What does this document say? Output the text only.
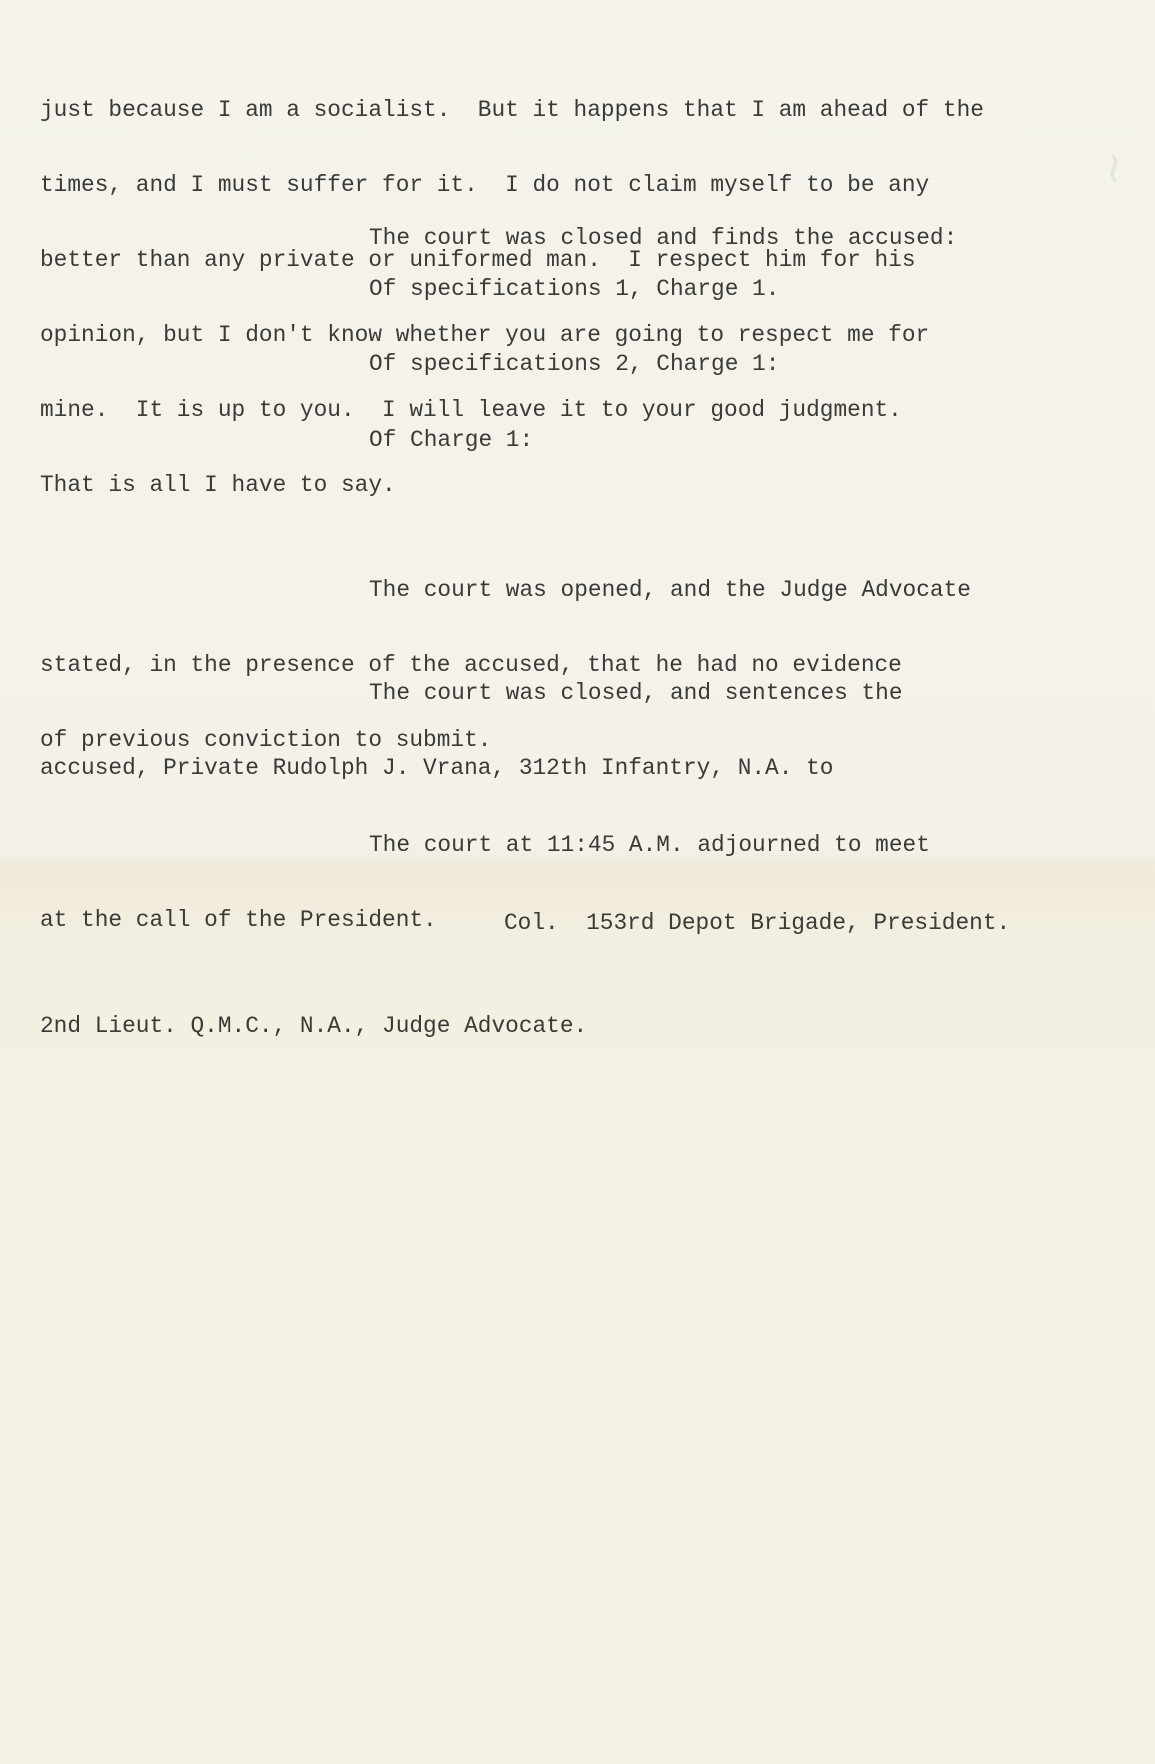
~

just because I am a socialist.  But it happens that I am ahead of the

times, and I must suffer for it.  I do not claim myself to be any

better than any private or uniformed man.  I respect him for his

opinion, but I don't know whether you are going to respect me for

mine.  It is up to you.  I will leave it to your good judgment.

That is all I have to say.

The court was closed and finds the accused:
Of specifications 1, Charge 1.
Of specifications 2, Charge 1:
Of Charge 1:

The court was opened, and the Judge Advocate

stated, in the presence of the accused, that he had no evidence

of previous conviction to submit.

The court was closed, and sentences the

accused, Private Rudolph J. Vrana, 312th Infantry, N.A. to

The court at 11:45 A.M. adjourned to meet

at the call of the President.

	Col.  153rd Depot Brigade, President.
2nd Lieut. Q.M.C., N.A., Judge Advocate.
